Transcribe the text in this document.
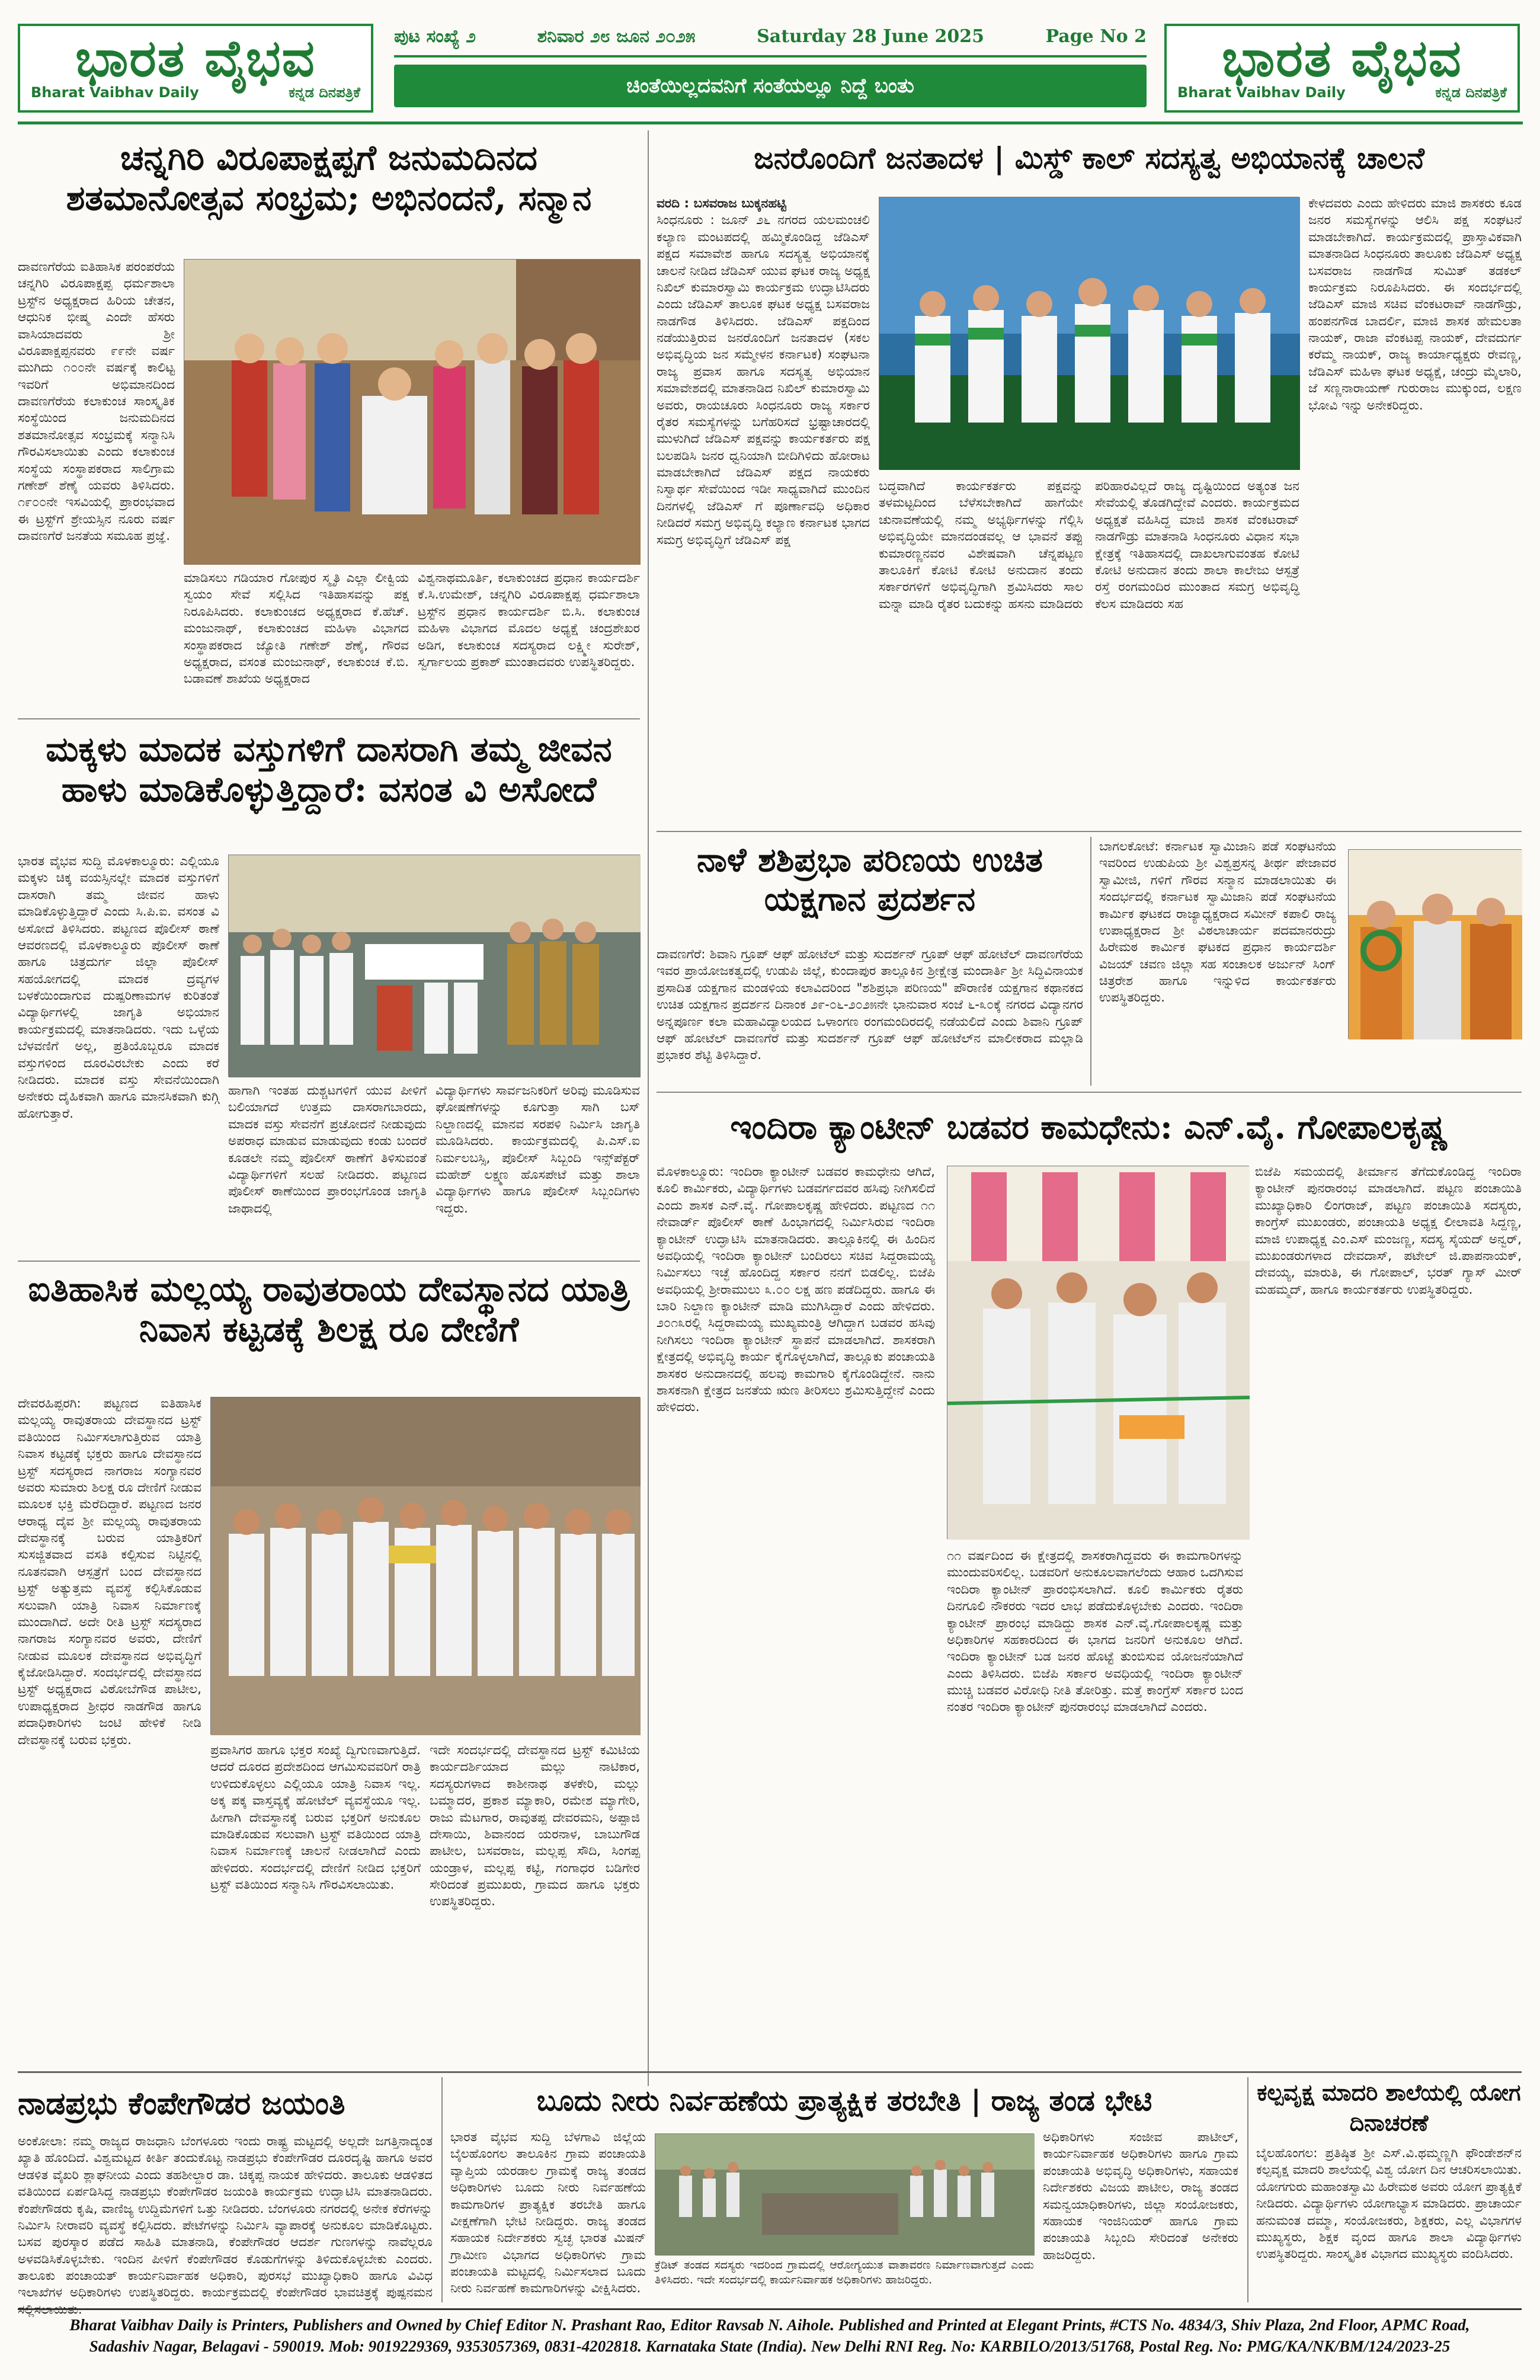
ಭಾರತ ವೈಭವ
Bharat Vaibhav Daily	ಕನ್ನಡ ದಿನಪತ್ರಿಕೆ
ಪುಟ ಸಂಖ್ಯೆ ೨	ಶನಿವಾರ ೨೮ ಜೂನ ೨೦೨೫	Saturday 28 June 2025	Page No 2
ಚಿಂತೆಯಿಲ್ಲದವನಿಗೆ ಸಂತೆಯಲ್ಲೂ ನಿದ್ದೆ ಬಂತು	ಭಾರತ ವೈಭವ
Bharat Vaibhav Daily	ಕನ್ನಡ ದಿನಪತ್ರಿಕೆ
ಚನ್ನಗಿರಿ ವಿರೂಪಾಕ್ಷಪ್ಪಗೆ ಜನುಮದಿನದ ಶತಮಾನೋತ್ಸವ ಸಂಭ್ರಮ; ಅಭಿನಂದನೆ, ಸನ್ಮಾನ
ದಾವಣಗೆರೆಯ ಐತಿಹಾಸಿಕ ಪರಂಪರೆಯ ಚನ್ನಗಿರಿ ವಿರೂಪಾಕ್ಷಪ್ಪ ಧರ್ಮಶಾಲಾ ಟ್ರಸ್ಟ್‌ನ ಅಧ್ಯಕ್ಷರಾದ ಹಿರಿಯ ಚೇತನ, ಆಧುನಿಕ ಭೀಷ್ಮ ಎಂದೇ ಹೆಸರು ವಾಸಿಯಾದವರು ಶ್ರೀ ವಿರೂಪಾಕ್ಷಪ್ಪನವರು ೯೯ನೇ ವರ್ಷ ಮುಗಿದು ೧೦೦ನೇ ವರ್ಷಕ್ಕೆ ಕಾಲಿಟ್ಟ ಇವರಿಗೆ ಅಭಿಮಾನದಿಂದ ದಾವಣಗೆರೆಯ ಕಲಾಕುಂಚ ಸಾಂಸ್ಕೃತಿಕ ಸಂಸ್ಥೆಯಿಂದ ಜನುಮದಿನದ ಶತಮಾನೋತ್ಸವ ಸಂಭ್ರಮಕ್ಕೆ ಸನ್ಮಾನಿಸಿ ಗೌರವಿಸಲಾಯಿತು ಎಂದು ಕಲಾಕುಂಚ ಸಂಸ್ಥೆಯ ಸಂಸ್ಥಾಪಕರಾದ ಸಾಲಿಗ್ರಾಮ ಗಣೇಶ್ ಶೆಣೈ ಯವರು ತಿಳಿಸಿದರು. ೧೯೦೦ನೇ ಇಸವಿಯಲ್ಲಿ ಪ್ರಾರಂಭವಾದ ಈ ಟ್ರಸ್ಟ್‌ಗೆ ಶ್ರೇಯಸ್ಸಿನ ನೂರು ವರ್ಷ ದಾವಣಗೆರೆ ಜನತೆಯ ಸಮೂಹ ಪ್ರಜ್ಞೆ.
ಮಾಡಿಸಲು ಗಡಿಯಾರ ಗೋಪುರ ಸ್ಮೃತಿ ಎಲ್ಲಾ ಲೀಕ್ವಿಯ ಸ್ವಯಂ ಸೇವೆ ಸಲ್ಲಿಸಿದ ಇತಿಹಾಸವನ್ನು ಪಕ್ಷ ನಿರೂಪಿಸಿದರು. ಕಲಾಕುಂಚದ ಅಧ್ಯಕ್ಷರಾದ ಕೆ.ಹೆಚ್. ಮಂಜುನಾಥ್, ಕಲಾಕುಂಚದ ಮಹಿಳಾ ವಿಭಾಗದ ಸಂಸ್ಥಾಪಕರಾದ ಜ್ಯೋತಿ ಗಣೇಶ್ ಶೆಣೈ, ಗೌರವ ಅಧ್ಯಕ್ಷರಾದ, ವಸಂತ ಮಂಜುನಾಥ್, ಕಲಾಕುಂಚ ಕೆ.ಬಿ. ಬಡಾವಣೆ ಶಾಖೆಯ ಅಧ್ಯಕ್ಷರಾದ
ವಿಶ್ವನಾಥಮೂರ್ತಿ, ಕಲಾಕುಂಚದ ಪ್ರಧಾನ ಕಾರ್ಯದರ್ಶಿ ಕೆ.ಸಿ.ಉಮೇಶ್, ಚನ್ನಗಿರಿ ವಿರೂಪಾಕ್ಷಪ್ಪ ಧರ್ಮಶಾಲಾ ಟ್ರಸ್ಟ್‌ನ ಪ್ರಧಾನ ಕಾರ್ಯದರ್ಶಿ ಬಿ.ಸಿ. ಕಲಾಕುಂಚ ಮಹಿಳಾ ವಿಭಾಗದ ಮೊದಲ ಅಧ್ಯಕ್ಷೆ ಚಂದ್ರಶೇಖರ ಅಡಿಗ, ಕಲಾಕುಂಚ ಸದಸ್ಯರಾದ ಲಕ್ಷ್ಮೀ ಸುರೇಶ್, ಸ್ವರ್ಗಾಲಯ ಪ್ರಕಾಶ್ ಮುಂತಾದವರು ಉಪಸ್ಥಿತರಿದ್ದರು.
ಜನರೊಂದಿಗೆ ಜನತಾದಳ | ಮಿಸ್ಡ್ ಕಾಲ್ ಸದಸ್ಯತ್ವ ಅಭಿಯಾನಕ್ಕೆ ಚಾಲನೆ
ವರದಿ : ಬಸವರಾಜ ಬುಕ್ಕನಹಟ್ಟಿ
ಸಿಂಧನೂರು : ಜೂನ್ ೨೬ ನಗರದ ಯಲಮಂಚಲಿ ಕಲ್ಯಾಣ ಮಂಟಪದಲ್ಲಿ ಹಮ್ಮಿಕೊಂಡಿದ್ದ ಜೆಡಿಎಸ್ ಪಕ್ಷದ ಸಮಾವೇಶ ಹಾಗೂ ಸದಸ್ಯತ್ವ ಅಭಿಯಾನಕ್ಕೆ ಚಾಲನೆ ನೀಡಿದ ಜೆಡಿಎಸ್ ಯುವ ಘಟಕ ರಾಜ್ಯ ಅಧ್ಯಕ್ಷ ನಿಖಿಲ್ ಕುಮಾರಸ್ವಾಮಿ ಕಾರ್ಯಕ್ರಮ ಉದ್ಘಾಟಿಸಿದರು ಎಂದು ಜೆಡಿಎಸ್ ತಾಲೂಕ ಘಟಕ ಅಧ್ಯಕ್ಷ ಬಸವರಾಜ ನಾಡಗೌಡ ತಿಳಿಸಿದರು. ಜೆಡಿಎಸ್ ಪಕ್ಷದಿಂದ ನಡೆಯುತ್ತಿರುವ ಜನರೊಂದಿಗೆ ಜನತಾದಳ (ಸಕಲ ಅಭಿವೃದ್ಧಿಯ ಜನ ಸಮ್ಮೇಳನ ಕರ್ನಾಟಕ) ಸಂಘಟನಾ ರಾಜ್ಯ ಪ್ರವಾಸ ಹಾಗೂ ಸದಸ್ಯತ್ವ ಅಭಿಯಾನ ಸಮಾವೇಶದಲ್ಲಿ ಮಾತನಾಡಿದ ನಿಖಿಲ್ ಕುಮಾರಸ್ವಾಮಿ ಅವರು, ರಾಯಚೂರು ಸಿಂಧನೂರು ರಾಜ್ಯ ಸರ್ಕಾರ ರೈತರ ಸಮಸ್ಯೆಗಳನ್ನು ಬಗೆಹರಿಸದೆ ಭ್ರಷ್ಟಾಚಾರದಲ್ಲಿ ಮುಳುಗಿದೆ ಜೆಡಿಎಸ್ ಪಕ್ಷವನ್ನು ಕಾರ್ಯಕರ್ತರು ಪಕ್ಷ ಬಲಪಡಿಸಿ ಜನರ ಧ್ವನಿಯಾಗಿ ಬೀದಿಗಿಳಿದು ಹೋರಾಟ ಮಾಡಬೇಕಾಗಿದೆ ಜೆಡಿಎಸ್ ಪಕ್ಷದ ನಾಯಕರು ನಿಸ್ವಾರ್ಥ ಸೇವೆಯಿಂದ ಇಡೀ ಸಾಧ್ಯವಾಗಿದೆ ಮುಂದಿನ ದಿನಗಳಲ್ಲಿ ಜೆಡಿಎಸ್ ಗೆ ಪೂರ್ಣಾವಧಿ ಅಧಿಕಾರ ನೀಡಿದರೆ ಸಮಗ್ರ ಅಭಿವೃದ್ಧಿ ಕಲ್ಯಾಣ ಕರ್ನಾಟಕ ಭಾಗದ ಸಮಗ್ರ ಅಭಿವೃದ್ಧಿಗೆ ಜೆಡಿಎಸ್ ಪಕ್ಷ
ಬದ್ಧವಾಗಿದೆ ಕಾರ್ಯಕರ್ತರು ಪಕ್ಷವನ್ನು ತಳಮಟ್ಟದಿಂದ ಬೆಳೆಸಬೇಕಾಗಿದೆ ಹಾಗೆಯೇ ಚುನಾವಣೆಯಲ್ಲಿ ನಮ್ಮ ಅಭ್ಯರ್ಥಿಗಳನ್ನು ಗೆಲ್ಲಿಸಿ ಅಭಿವೃದ್ಧಿಯೇ ಮಾನದಂಡವಲ್ಲ ಆ ಭಾವನೆ ತಪ್ಪು ಕುಮಾರಣ್ಣನವರ ವಿಶೇಷವಾಗಿ ಚೆನ್ನಪಟ್ಟಣ ತಾಲೂಕಿಗೆ ಕೋಟಿ ಕೋಟಿ ಅನುದಾನ ತಂದು ಸರ್ಕಾರಗಳಿಗೆ ಅಭಿವೃದ್ಧಿಗಾಗಿ ಶ್ರಮಿಸಿದರು ಸಾಲ ಮನ್ನಾ ಮಾಡಿ ರೈತರ ಬದುಕನ್ನು ಹಸನು ಮಾಡಿದರು ಪರಿಹಾರವಿಲ್ಲದೆ ರಾಜ್ಯ ದೃಷ್ಟಿಯಿಂದ ಅತ್ಯಂತ ಜನ ಸೇವೆಯಲ್ಲಿ ತೊಡಗಿದ್ದೇವೆ ಎಂದರು. ಕಾರ್ಯಕ್ರಮದ ಅಧ್ಯಕ್ಷತೆ ವಹಿಸಿದ್ದ ಮಾಜಿ ಶಾಸಕ ವೆಂಕಟರಾವ್ ನಾಡಗೌಡ್ರು ಮಾತನಾಡಿ ಸಿಂಧನೂರು ವಿಧಾನ ಸಭಾ ಕ್ಷೇತ್ರಕ್ಕೆ ಇತಿಹಾಸದಲ್ಲಿ ದಾಖಲಾಗುವಂತಹ ಕೋಟಿ ಕೋಟಿ ಅನುದಾನ ತಂದು ಶಾಲಾ ಕಾಲೇಜು ಆಸ್ಪತ್ರೆ ರಸ್ತೆ ರಂಗಮಂದಿರ ಮುಂತಾದ ಸಮಗ್ರ ಅಭಿವೃದ್ಧಿ ಕೆಲಸ ಮಾಡಿದರು ಸಹ
ಕೇಳದವರು ಎಂದು ಹೇಳಿದರು ಮಾಜಿ ಶಾಸಕರು ಕೂಡ ಜನರ ಸಮಸ್ಯೆಗಳನ್ನು ಆಲಿಸಿ ಪಕ್ಷ ಸಂಘಟನೆ ಮಾಡಬೇಕಾಗಿದೆ. ಕಾರ್ಯಕ್ರಮದಲ್ಲಿ ಪ್ರಾಸ್ತಾವಿಕವಾಗಿ ಮಾತನಾಡಿದ ಸಿಂಧನೂರು ತಾಲೂಕು ಜೆಡಿಎಸ್ ಅಧ್ಯಕ್ಷ ಬಸವರಾಜ ನಾಡಗೌಡ ಸುಮಿತ್ ತಡಕಲ್ ಕಾರ್ಯಕ್ರಮ ನಿರೂಪಿಸಿದರು. ಈ ಸಂದರ್ಭದಲ್ಲಿ ಜೆಡಿಎಸ್ ಮಾಜಿ ಸಚಿವ ವೆಂಕಟರಾವ್ ನಾಡಗೌಡ್ರು, ಹಂಪನಗೌಡ ಬಾದರ್ಲಿ, ಮಾಜಿ ಶಾಸಕ ಹೇಮಲತಾ ನಾಯಕ್, ರಾಜಾ ವೆಂಕಟಪ್ಪ ನಾಯಕ್, ದೇವದುರ್ಗ ಕರೆಮ್ಮ ನಾಯಕ್, ರಾಜ್ಯ ಕಾರ್ಯಾಧ್ಯಕ್ಷರು ರೇವಣ್ಣ, ಜೆಡಿಎಸ್ ಮಹಿಳಾ ಘಟಕ ಅಧ್ಯಕ್ಷೆ, ಚಂದ್ರು ಮೈಲಾರಿ, ಜೆ ಸಣ್ಣನಾರಾಯಣ್ ಗುರುರಾಜ ಮುಕ್ಕುಂದ, ಲಕ್ಷಣ ಭೋವಿ ಇನ್ನು ಅನೇಕರಿದ್ದರು.
ಮಕ್ಕಳು ಮಾದಕ ವಸ್ತುಗಳಿಗೆ ದಾಸರಾಗಿ ತಮ್ಮ ಜೀವನ ಹಾಳು ಮಾಡಿಕೊಳ್ಳುತ್ತಿದ್ದಾರೆ: ವಸಂತ ವಿ ಅಸೋದೆ
ಭಾರತ ವೈಭವ ಸುದ್ದಿ ಮೊಳಕಾಲ್ಮೂರು: ಎಲ್ಲಿಯೂ ಮಕ್ಕಳು ಚಿಕ್ಕ ವಯಸ್ಸಿನಲ್ಲೇ ಮಾದಕ ವಸ್ತುಗಳಿಗೆ ದಾಸರಾಗಿ ತಮ್ಮ ಜೀವನ ಹಾಳು ಮಾಡಿಕೊಳ್ಳುತ್ತಿದ್ದಾರೆ ಎಂದು ಸಿ.ಪಿ.ಐ. ವಸಂತ ವಿ ಅಸೋದೆ ತಿಳಿಸಿದರು. ಪಟ್ಟಣದ ಪೊಲೀಸ್ ಠಾಣೆ ಆವರಣದಲ್ಲಿ ಮೊಳಕಾಲ್ಮೂರು ಪೊಲೀಸ್ ಠಾಣೆ ಹಾಗೂ ಚಿತ್ರದುರ್ಗ ಜಿಲ್ಲಾ ಪೊಲೀಸ್ ಸಹಯೋಗದಲ್ಲಿ ಮಾದಕ ದ್ರವ್ಯಗಳ ಬಳಕೆಯಿಂದಾಗುವ ದುಷ್ಪರಿಣಾಮಗಳ ಕುರಿತಂತೆ ವಿದ್ಯಾರ್ಥಿಗಳಲ್ಲಿ ಜಾಗೃತಿ ಅಭಿಯಾನ ಕಾರ್ಯಕ್ರಮದಲ್ಲಿ ಮಾತನಾಡಿದರು. ಇದು ಒಳ್ಳೆಯ ಬೆಳವಣಿಗೆ ಅಲ್ಲ, ಪ್ರತಿಯೊಬ್ಬರೂ ಮಾದಕ ವಸ್ತುಗಳಿಂದ ದೂರವಿರಬೇಕು ಎಂದು ಕರೆ ನೀಡಿದರು. ಮಾದಕ ವಸ್ತು ಸೇವನೆಯಿಂದಾಗಿ ಅನೇಕರು ದೈಹಿಕವಾಗಿ ಹಾಗೂ ಮಾನಸಿಕವಾಗಿ ಕುಗ್ಗಿ ಹೋಗುತ್ತಾರೆ.
ಹಾಗಾಗಿ ಇಂತಹ ದುಶ್ಚಟಗಳಿಗೆ ಯುವ ಪೀಳಿಗೆ ಬಲಿಯಾಗದೆ ಉತ್ತಮ ದಾಸರಾಗಬಾರದು, ಮಾದಕ ವಸ್ತು ಸೇವನೆಗೆ ಪ್ರಚೋದನೆ ನೀಡುವುದು ಅಪರಾಧ ಮಾಡುವ ಮಾಡುವುದು ಕಂಡು ಬಂದರೆ ಕೂಡಲೇ ನಮ್ಮ ಪೊಲೀಸ್ ಠಾಣೆಗೆ ತಿಳಿಸುವಂತೆ ವಿದ್ಯಾರ್ಥಿಗಳಿಗೆ ಸಲಹೆ ನೀಡಿದರು. ಪಟ್ಟಣದ ಪೊಲೀಸ್ ಠಾಣೆಯಿಂದ ಪ್ರಾರಂಭಗೊಂಡ ಜಾಗೃತಿ ಜಾಥಾದಲ್ಲಿ
ವಿದ್ಯಾರ್ಥಿಗಳು ಸಾರ್ವಜನಿಕರಿಗೆ ಅರಿವು ಮೂಡಿಸುವ ಘೋಷಣೆಗಳನ್ನು ಕೂಗುತ್ತಾ ಸಾಗಿ ಬಸ್ ನಿಲ್ದಾಣದಲ್ಲಿ ಮಾನವ ಸರಪಳಿ ನಿರ್ಮಿಸಿ ಜಾಗೃತಿ ಮೂಡಿಸಿದರು. ಕಾರ್ಯಕ್ರಮದಲ್ಲಿ ಪಿ.ಎಸ್.ಐ ನಿರ್ಮಲಬಸ್ಸಿ, ಪೊಲೀಸ್ ಸಿಬ್ಬಂದಿ ಇನ್ಸ್‌ಪೆಕ್ಟರ್ ಮಹೇಶ್ ಲಕ್ಷ್ಮಣ ಹೊಸಪೇಟೆ ಮತ್ತು ಶಾಲಾ ವಿದ್ಯಾರ್ಥಿಗಳು ಹಾಗೂ ಪೊಲೀಸ್ ಸಿಬ್ಬಂದಿಗಳು ಇದ್ದರು.
ನಾಳೆ ಶಶಿಪ್ರಭಾ ಪರಿಣಯ ಉಚಿತ ಯಕ್ಷಗಾನ ಪ್ರದರ್ಶನ
ದಾವಣಗೆರೆ: ಶಿವಾನಿ ಗ್ರೂಪ್ ಆಫ್ ಹೋಟೆಲ್ ಮತ್ತು ಸುದರ್ಶನ್ ಗ್ರೂಪ್ ಆಫ್ ಹೋಟೆಲ್ ದಾವಣಗೆರೆಯ ಇವರ ಪ್ರಾಯೋಜಕತ್ವದಲ್ಲಿ ಉಡುಪಿ ಜಿಲ್ಲೆ, ಕುಂದಾಪುರ ತಾಲ್ಲೂಕಿನ ಶ್ರೀಕ್ಷೇತ್ರ ಮಂದಾರ್ತಿ ಶ್ರೀ ಸಿದ್ದಿವಿನಾಯಕ ಪ್ರಸಾದಿತ ಯಕ್ಷಗಾನ ಮಂಡಳಿಯ ಕಲಾವಿದರಿಂದ "ಶಶಿಪ್ರಭಾ ಪರಿಣಯ" ಪೌರಾಣಿಕ ಯಕ್ಷಗಾನ ಕಥಾನಕದ ಉಚಿತ ಯಕ್ಷಗಾನ ಪ್ರದರ್ಶನ ದಿನಾಂಕ ೨೯-೦೬-೨೦೨೫ನೇ ಭಾನುವಾರ ಸಂಜೆ ೬-೩೦ಕ್ಕೆ ನಗರದ ವಿದ್ಯಾನಗರ ಅನ್ನಪೂರ್ಣ ಕಲಾ ಮಹಾವಿದ್ಯಾಲಯದ ಒಳಾಂಗಣ ರಂಗಮಂದಿರದಲ್ಲಿ ನಡೆಯಲಿದೆ ಎಂದು ಶಿವಾನಿ ಗ್ರೂಪ್ ಆಫ್ ಹೋಟೆಲ್ ದಾವಣಗೆರೆ ಮತ್ತು ಸುದರ್ಶನ್ ಗ್ರೂಪ್ ಆಫ್ ಹೋಟೆಲ್‌ನ ಮಾಲೀಕರಾದ ಮಲ್ಲಾಡಿ ಪ್ರಭಾಕರ ಶೆಟ್ಟಿ ತಿಳಿಸಿದ್ದಾರೆ.
ಬಾಗಲಕೋಟೆ: ಕರ್ನಾಟಕ ಸ್ವಾಮಿಜಾನಿ ಪಡೆ ಸಂಘಟನೆಯ ಇವರಿಂದ ಉಡುಪಿಯ ಶ್ರೀ ವಿಶ್ವಪ್ರಸನ್ನ ತೀರ್ಥ ಪೇಜಾವರ ಸ್ವಾಮೀಜಿ, ಗಳಿಗೆ ಗೌರವ ಸನ್ಮಾನ ಮಾಡಲಾಯಿತು ಈ ಸಂದರ್ಭದಲ್ಲಿ ಕರ್ನಾಟಕ ಸ್ವಾಮಿಜಾನಿ ಪಡೆ ಸಂಘಟನೆಯ ಕಾರ್ಮಿಕ ಘಟಕದ ರಾಜ್ಯಾಧ್ಯಕ್ಷರಾದ ಸಮೀನ್ ಕಪಾಲಿ ರಾಜ್ಯ ಉಪಾಧ್ಯಕ್ಷರಾದ ಶ್ರೀ ವಿಠಲಾಚಾರ್ಯ ಪದಮಾನರುದ್ರು ಹಿರೇಮಠ ಕಾರ್ಮಿಕ ಘಟಕದ ಪ್ರಧಾನ ಕಾರ್ಯದರ್ಶಿ ವಿಜಯ್ ಚವಣ ಜಿಲ್ಲಾ ಸಹ ಸಂಚಾಲಕ ಅರ್ಜುನ್ ಸಿಂಗ್ ಚಿತ್ರರೇಶ ಹಾಗೂ ಇನ್ನುಳಿದ ಕಾರ್ಯಕರ್ತರು ಉಪಸ್ಥಿತರಿದ್ದರು.
ಐತಿಹಾಸಿಕ ಮಲ್ಲಯ್ಯ ರಾವುತರಾಯ ದೇವಸ್ಥಾನದ ಯಾತ್ರಿ ನಿವಾಸ ಕಟ್ಟಡಕ್ಕೆ ಶಿಲಕ್ಷ ರೂ ದೇಣಿಗೆ
ದೇವರಹಿಪ್ಪರಗಿ: ಪಟ್ಟಣದ ಐತಿಹಾಸಿಕ ಮಲ್ಲಯ್ಯ ರಾವುತರಾಯ ದೇವಸ್ಥಾನದ ಟ್ರಸ್ಟ್ ವತಿಯಿಂದ ನಿರ್ಮಿಸಲಾಗುತ್ತಿರುವ ಯಾತ್ರಿ ನಿವಾಸ ಕಟ್ಟಡಕ್ಕೆ ಭಕ್ತರು ಹಾಗೂ ದೇವಸ್ಥಾನದ ಟ್ರಸ್ಟ್ ಸದಸ್ಯರಾದ ನಾಗರಾಜ ಸಂಗ್ಯಾನವರ ಅವರು ಸುಮಾರು ಶಿಲಕ್ಷ ರೂ ದೇಣಿಗೆ ನೀಡುವ ಮೂಲಕ ಭಕ್ತಿ ಮೆರೆದಿದ್ದಾರೆ. ಪಟ್ಟಣದ ಜನರ ಆರಾಧ್ಯ ದೈವ ಶ್ರೀ ಮಲ್ಲಯ್ಯ ರಾವುತರಾಯ ದೇವಸ್ಥಾನಕ್ಕೆ ಬರುವ ಯಾತ್ರಿಕರಿಗೆ ಸುಸಜ್ಜಿತವಾದ ವಸತಿ ಕಲ್ಪಿಸುವ ನಿಟ್ಟಿನಲ್ಲಿ ನೂತನವಾಗಿ ಆಸ್ಪತ್ರೆಗೆ ಬಂದ ದೇವಸ್ಥಾನದ ಟ್ರಸ್ಟ್ ಅತ್ಯುತ್ತಮ ವ್ಯವಸ್ಥೆ ಕಲ್ಪಿಸಿಕೊಡುವ ಸಲುವಾಗಿ ಯಾತ್ರಿ ನಿವಾಸ ನಿರ್ಮಾಣಕ್ಕೆ ಮುಂದಾಗಿದೆ. ಅದೇ ರೀತಿ ಟ್ರಸ್ಟ್ ಸದಸ್ಯರಾದ ನಾಗರಾಜ ಸಂಗ್ಯಾನವರ ಅವರು, ದೇಣಿಗೆ ನೀಡುವ ಮೂಲಕ ದೇವಸ್ಥಾನದ ಅಭಿವೃದ್ಧಿಗೆ ಕೈಜೋಡಿಸಿದ್ದಾರೆ. ಸಂದರ್ಭದಲ್ಲಿ ದೇವಸ್ಥಾನದ ಟ್ರಸ್ಟ್ ಅಧ್ಯಕ್ಷರಾದ ವಿಠೋಬೆಗೌಡ ಪಾಟೀಲ, ಉಪಾಧ್ಯಕ್ಷರಾದ ಶ್ರೀಧರ ನಾಡಗೌಡ ಹಾಗೂ ಪದಾಧಿಕಾರಿಗಳು ಜಂಟಿ ಹೇಳಿಕೆ ನೀಡಿ ದೇವಸ್ಥಾನಕ್ಕೆ ಬರುವ ಭಕ್ತರು.
ಪ್ರವಾಸಿಗರ ಹಾಗೂ ಭಕ್ತರ ಸಂಖ್ಯೆ ದ್ವಿಗುಣವಾಗುತ್ತಿದೆ. ಆದರೆ ದೂರದ ಪ್ರದೇಶದಿಂದ ಆಗಮಿಸುವವರಿಗೆ ರಾತ್ರಿ ಉಳಿದುಕೊಳ್ಳಲು ಎಲ್ಲಿಯೂ ಯಾತ್ರಿ ನಿವಾಸ ಇಲ್ಲ. ಅಕ್ಕ ಪಕ್ಕ ವಾಸ್ತವ್ಯಕ್ಕೆ ಹೋಟೆಲ್ ವ್ಯವಸ್ಥೆಯೂ ಇಲ್ಲ. ಹೀಗಾಗಿ ದೇವಸ್ಥಾನಕ್ಕೆ ಬರುವ ಭಕ್ತರಿಗೆ ಅನುಕೂಲ ಮಾಡಿಕೊಡುವ ಸಲುವಾಗಿ ಟ್ರಸ್ಟ್ ವತಿಯಿಂದ ಯಾತ್ರಿ ನಿವಾಸ ನಿರ್ಮಾಣಕ್ಕೆ ಚಾಲನೆ ನೀಡಲಾಗಿದೆ ಎಂದು ಹೇಳಿದರು. ಸಂದರ್ಭದಲ್ಲಿ ದೇಣಿಗೆ ನೀಡಿದ ಭಕ್ತರಿಗೆ ಟ್ರಸ್ಟ್ ವತಿಯಿಂದ ಸನ್ಮಾನಿಸಿ ಗೌರವಿಸಲಾಯಿತು.
ಇದೇ ಸಂದರ್ಭದಲ್ಲಿ ದೇವಸ್ಥಾನದ ಟ್ರಸ್ಟ್ ಕಮಿಟಿಯ ಕಾರ್ಯದರ್ಶಿಯಾದ ಮಲ್ಲು ನಾಟಿಕಾರ, ಸದಸ್ಯರುಗಳಾದ ಕಾಶೀನಾಥ ತಳಕೇರಿ, ಮಲ್ಲು ಬಮ್ಮಾದರ, ಪ್ರಕಾಶ ಮ್ಯಾಕಾರಿ, ರಮೇಶ ಮ್ಯಾಗೇರಿ, ರಾಜು ಮೆಟಗಾರ, ರಾವುತಪ್ಪ ದೇವರಮನಿ, ಅಪ್ಪಾಜಿ ದೇಸಾಯಿ, ಶಿವಾನಂದ ಯರನಾಳ, ಬಾಬುಗೌಡ ಪಾಟೀಲ, ಬಸವರಾಜ, ಮಲ್ಲಪ್ಪ ಸೌದಿ, ಸಿಂಗಪ್ಪ ಯಂಡ್ರಾಳ, ಮಲ್ಲಪ್ಪ ಕಟ್ಟಿ, ಗಂಗಾಧರ ಬಡಿಗೇರ ಸೇರಿದಂತೆ ಪ್ರಮುಖರು, ಗ್ರಾಮದ ಹಾಗೂ ಭಕ್ತರು ಉಪಸ್ಥಿತರಿದ್ದರು.
ಇಂದಿರಾ ಕ್ಯಾಂಟೀನ್ ಬಡವರ ಕಾಮಧೇನು: ಎನ್.ವೈ. ಗೋಪಾಲಕೃಷ್ಣ
ಮೊಳಕಾಲ್ಮೂರು: ಇಂದಿರಾ ಕ್ಯಾಂಟೀನ್ ಬಡವರ ಕಾಮಧೇನು ಆಗಿದೆ, ಕೂಲಿ ಕಾರ್ಮಿಕರು, ವಿದ್ಯಾರ್ಥಿಗಳು ಬಡವರ್ಗದವರ ಹಸಿವು ನೀಗಿಸಲಿದೆ ಎಂದು ಶಾಸಕ ಎನ್.ವೈ. ಗೋಪಾಲಕೃಷ್ಣ ಹೇಳಿದರು. ಪಟ್ಟಣದ ೧೧ ನೇವಾರ್ಡ್ ಪೊಲೀಸ್ ಠಾಣೆ ಹಿಂಭಾಗದಲ್ಲಿ ನಿರ್ಮಿಸಿರುವ ಇಂದಿರಾ ಕ್ಯಾಂಟೀನ್ ಉದ್ಘಾಟಿಸಿ ಮಾತನಾಡಿದರು. ತಾಲ್ಲೂಕಿನಲ್ಲಿ ಈ ಹಿಂದಿನ ಅವಧಿಯಲ್ಲಿ ಇಂದಿರಾ ಕ್ಯಾಂಟೀನ್ ಬಂದಿರಲು ಸಚಿವ ಸಿದ್ದರಾಮಯ್ಯ ನಿರ್ಮಿಸಲು ಇಚ್ಛೆ ಹೊಂದಿದ್ದ ಸರ್ಕಾರ ನನಗೆ ಬಿಡಲಿಲ್ಲ. ಬಿಜೆಪಿ ಅವಧಿಯಲ್ಲಿ ಶ್ರೀರಾಮುಲು ೩.೦೦ ಲಕ್ಷ ಹಣ ಪಡೆದಿದ್ದರು. ಹಾಗೂ ಈ ಬಾರಿ ನಿಲ್ದಾಣ ಕ್ಯಾಂಟೀನ್ ಮಾಡಿ ಮುಗಿಸಿದ್ದಾರೆ ಎಂದು ಹೇಳಿದರು. ೨೦೧೩ರಲ್ಲಿ ಸಿದ್ದರಾಮಯ್ಯ ಮುಖ್ಯಮಂತ್ರಿ ಆಗಿದ್ದಾಗ ಬಡವರ ಹಸಿವು ನೀಗಿಸಲು ಇಂದಿರಾ ಕ್ಯಾಂಟೀನ್ ಸ್ಥಾಪನೆ ಮಾಡಲಾಗಿದೆ. ಶಾಸಕರಾಗಿ ಕ್ಷೇತ್ರದಲ್ಲಿ ಅಭಿವೃದ್ಧಿ ಕಾರ್ಯ ಕೈಗೊಳ್ಳಲಾಗಿದೆ, ತಾಲ್ಲೂಕು ಪಂಚಾಯತಿ ಶಾಸಕರ ಅನುದಾನದಲ್ಲಿ ಹಲವು ಕಾಮಗಾರಿ ಕೈಗೊಂಡಿದ್ದೇನೆ. ನಾನು ಶಾಸಕನಾಗಿ ಕ್ಷೇತ್ರದ ಜನತೆಯ ಋಣ ತೀರಿಸಲು ಶ್ರಮಿಸುತ್ತಿದ್ದೇನೆ ಎಂದು ಹೇಳಿದರು.
೧೧ ವರ್ಷದಿಂದ ಈ ಕ್ಷೇತ್ರದಲ್ಲಿ ಶಾಸಕರಾಗಿದ್ದವರು ಈ ಕಾಮಗಾರಿಗಳನ್ನು ಮುಂದುವರಿಸಲಿಲ್ಲ. ಬಡವರಿಗೆ ಅನುಕೂಲವಾಗಲೆಂದು ಆಹಾರ ಒದಗಿಸುವ ಇಂದಿರಾ ಕ್ಯಾಂಟೀನ್ ಪ್ರಾರಂಭಿಸಲಾಗಿದೆ. ಕೂಲಿ ಕಾರ್ಮಿಕರು ರೈತರು ದಿನಗೂಲಿ ನೌಕರರು ಇದರ ಲಾಭ ಪಡೆದುಕೊಳ್ಳಬೇಕು ಎಂದರು. ಇಂದಿರಾ ಕ್ಯಾಂಟೀನ್ ಪ್ರಾರಂಭ ಮಾಡಿದ್ದು ಶಾಸಕ ಎನ್.ವೈ.ಗೋಪಾಲಕೃಷ್ಣ ಮತ್ತು ಅಧಿಕಾರಿಗಳ ಸಹಕಾರದಿಂದ ಈ ಭಾಗದ ಜನರಿಗೆ ಅನುಕೂಲ ಆಗಿದೆ. ಇಂದಿರಾ ಕ್ಯಾಂಟೀನ್ ಬಡ ಜನರ ಹೊಟ್ಟೆ ತುಂಬಿಸುವ ಯೋಜನೆಯಾಗಿದೆ ಎಂದು ತಿಳಿಸಿದರು. ಬಿಜೆಪಿ ಸರ್ಕಾರ ಅವಧಿಯಲ್ಲಿ ಇಂದಿರಾ ಕ್ಯಾಂಟೀನ್ ಮುಚ್ಚಿ ಬಡವರ ವಿರೋಧಿ ನೀತಿ ತೋರಿತ್ತು. ಮತ್ತೆ ಕಾಂಗ್ರೆಸ್ ಸರ್ಕಾರ ಬಂದ ನಂತರ ಇಂದಿರಾ ಕ್ಯಾಂಟೀನ್ ಪುನರಾರಂಭ ಮಾಡಲಾಗಿದೆ ಎಂದರು.
ಬಿಜೆಪಿ ಸಮಯದಲ್ಲಿ ತೀರ್ಮಾನ ತೆಗೆದುಕೊಂಡಿದ್ದ ಇಂದಿರಾ ಕ್ಯಾಂಟೀನ್ ಪುನರಾರಂಭ ಮಾಡಲಾಗಿದೆ. ಪಟ್ಟಣ ಪಂಚಾಯಿತಿ ಮುಖ್ಯಾಧಿಕಾರಿ ಲಿಂಗರಾಜ್, ಪಟ್ಟಣ ಪಂಚಾಯಿತಿ ಸದಸ್ಯರು, ಕಾಂಗ್ರೆಸ್ ಮುಖಂಡರು, ಪಂಚಾಯತಿ ಅಧ್ಯಕ್ಷ ಲೀಲಾವತಿ ಸಿದ್ದಣ್ಣ, ಮಾಜಿ ಉಪಾಧ್ಯಕ್ಷ ಎಂ.ಎಸ್ ಮಂಜಣ್ಣ, ಸದಸ್ಯ ಸೈಯದ್ ಅನ್ವರ್, ಮುಖಂಡರುಗಳಾದ ದೇವದಾಸ್, ಪಟೇಲ್ ಜಿ.ಪಾಪನಾಯಕ್, ದೇವಯ್ಯ, ಮಾರುತಿ, ಈ ಗೋಪಾಲ್, ಭರತ್ ಗ್ಯಾಸ್ ಮೀರ್ ಮಹಮ್ಮದ್, ಹಾಗೂ ಕಾರ್ಯಕರ್ತರು ಉಪಸ್ಥಿತರಿದ್ದರು.
ನಾಡಪ್ರಭು ಕೆಂಪೇಗೌಡರ ಜಯಂತಿ
ಅಂಕೋಲಾ: ನಮ್ಮ ರಾಜ್ಯದ ರಾಜಧಾನಿ ಬೆಂಗಳೂರು ಇಂದು ರಾಷ್ಟ್ರ ಮಟ್ಟದಲ್ಲಿ ಅಲ್ಲದೇ ಜಗತ್ತಿನಾದ್ಯಂತ ಖ್ಯಾತಿ ಹೊಂದಿದೆ. ವಿಶ್ವಮಟ್ಟದ ಕೀರ್ತಿ ತಂದುಕೊಟ್ಟ ನಾಡಪ್ರಭು ಕೆಂಪೇಗೌಡರ ದೂರದೃಷ್ಟಿ ಹಾಗೂ ಅವರ ಆಡಳಿತ ವೈಖರಿ ಶ್ಲಾಘನೀಯ ಎಂದು ತಹಶೀಲ್ದಾರ ಡಾ. ಚಿಕ್ಕಪ್ಪ ನಾಯಕ ಹೇಳಿದರು. ತಾಲೂಕು ಆಡಳಿತದ ವತಿಯಿಂದ ಏರ್ಪಡಿಸಿದ್ದ ನಾಡಪ್ರಭು ಕೆಂಪೇಗೌಡರ ಜಯಂತಿ ಕಾರ್ಯಕ್ರಮ ಉದ್ಘಾಟಿಸಿ ಮಾತನಾಡಿದರು. ಕೆಂಪೇಗೌಡರು ಕೃಷಿ, ವಾಣಿಜ್ಯ ಉದ್ದಿಮೆಗಳಿಗೆ ಒತ್ತು ನೀಡಿದರು. ಬೆಂಗಳೂರು ನಗರದಲ್ಲಿ ಅನೇಕ ಕೆರೆಗಳನ್ನು ನಿರ್ಮಿಸಿ ನೀರಾವರಿ ವ್ಯವಸ್ಥೆ ಕಲ್ಪಿಸಿದರು. ಪೇಟೆಗಳನ್ನು ನಿರ್ಮಿಸಿ ವ್ಯಾಪಾರಕ್ಕೆ ಅನುಕೂಲ ಮಾಡಿಕೊಟ್ಟರು. ಬಸವ ಪುರಸ್ಕಾರ ಪಡೆದ ಸಾಹಿತಿ ಮಾತನಾಡಿ, ಕೆಂಪೇಗೌಡರ ಆದರ್ಶ ಗುಣಗಳನ್ನು ನಾವೆಲ್ಲರೂ ಅಳವಡಿಸಿಕೊಳ್ಳಬೇಕು. ಇಂದಿನ ಪೀಳಿಗೆ ಕೆಂಪೇಗೌಡರ ಕೊಡುಗೆಗಳನ್ನು ತಿಳಿದುಕೊಳ್ಳಬೇಕು ಎಂದರು. ತಾಲೂಕು ಪಂಚಾಯತ್ ಕಾರ್ಯನಿರ್ವಾಹಕ ಅಧಿಕಾರಿ, ಪುರಸಭೆ ಮುಖ್ಯಾಧಿಕಾರಿ ಹಾಗೂ ವಿವಿಧ ಇಲಾಖೆಗಳ ಅಧಿಕಾರಿಗಳು ಉಪಸ್ಥಿತರಿದ್ದರು. ಕಾರ್ಯಕ್ರಮದಲ್ಲಿ ಕೆಂಪೇಗೌಡರ ಭಾವಚಿತ್ರಕ್ಕೆ ಪುಷ್ಪನಮನ
ಬೂದು ನೀರು ನಿರ್ವಹಣೆಯ ಪ್ರಾತ್ಯಕ್ಷಿಕ ತರಬೇತಿ | ರಾಜ್ಯ ತಂಡ ಭೇಟಿ
ಭಾರತ ವೈಭವ ಸುದ್ದಿ ಬೆಳಗಾವಿ ಜಿಲ್ಲೆಯ ಬೈಲಹೊಂಗಲ ತಾಲೂಕಿನ ಗ್ರಾಮ ಪಂಚಾಯತಿ ವ್ಯಾಪ್ತಿಯ ಯರಡಾಲ ಗ್ರಾಮಕ್ಕೆ ರಾಜ್ಯ ತಂಡದ ಅಧಿಕಾರಿಗಳು ಬೂದು ನೀರು ನಿರ್ವಹಣೆಯ ಕಾಮಗಾರಿಗಳ ಪ್ರಾತ್ಯಕ್ಷಿಕ ತರಬೇತಿ ಹಾಗೂ ವೀಕ್ಷಣೆಗಾಗಿ ಭೇಟಿ ನೀಡಿದ್ದರು. ರಾಜ್ಯ ತಂಡದ ಸಹಾಯಕ ನಿರ್ದೇಶಕರು ಸ್ವಚ್ಛ ಭಾರತ ಮಿಷನ್ ಗ್ರಾಮೀಣ ವಿಭಾಗದ ಅಧಿಕಾರಿಗಳು ಗ್ರಾಮ ಪಂಚಾಯತಿ ಮಟ್ಟದಲ್ಲಿ ನಿರ್ಮಿಸಲಾದ ಬೂದು ನೀರು ನಿರ್ವಹಣೆ ಕಾಮಗಾರಿಗಳನ್ನು ವೀಕ್ಷಿಸಿದರು.
ಕ್ರೆಡಿಟ್ ತಂಡದ ಸದಸ್ಯರು ಇದರಿಂದ ಗ್ರಾಮದಲ್ಲಿ ಆರೋಗ್ಯಯುತ ವಾತಾವರಣ ನಿರ್ಮಾಣವಾಗುತ್ತದೆ ಎಂದು ತಿಳಿಸಿದರು. ಇದೇ ಸಂದರ್ಭದಲ್ಲಿ ಕಾರ್ಯನಿರ್ವಾಹಕ ಅಧಿಕಾರಿಗಳು ಹಾಜರಿದ್ದರು.
ಅಧಿಕಾರಿಗಳು ಸಂಜೀವ ಪಾಟೀಲ್, ಕಾರ್ಯನಿರ್ವಾಹಕ ಅಧಿಕಾರಿಗಳು ಹಾಗೂ ಗ್ರಾಮ ಪಂಚಾಯತಿ ಅಭಿವೃದ್ಧಿ ಅಧಿಕಾರಿಗಳು, ಸಹಾಯಕ ನಿರ್ದೇಶಕರು ವಿಜಯ ಪಾಟೀಲ, ರಾಜ್ಯ ತಂಡದ ಸಮನ್ವಯಾಧಿಕಾರಿಗಳು, ಜಿಲ್ಲಾ ಸಂಯೋಜಕರು, ಸಹಾಯಕ ಇಂಜಿನಿಯರ್ ಹಾಗೂ ಗ್ರಾಮ ಪಂಚಾಯತಿ ಸಿಬ್ಬಂದಿ ಸೇರಿದಂತೆ ಅನೇಕರು ಹಾಜರಿದ್ದರು.
ಕಲ್ಪವೃಕ್ಷ ಮಾದರಿ ಶಾಲೆಯಲ್ಲಿ ಯೋಗ ದಿನಾಚರಣೆ
ಬೈಲಹೊಂಗಲ: ಪ್ರತಿಷ್ಠಿತ ಶ್ರೀ ಎಸ್.ವಿ.ಥಮ್ಮಣ್ಣಗಿ ಫೌಂಡೇಶನ್‌ನ ಕಲ್ಪವೃಕ್ಷ ಮಾದರಿ ಶಾಲೆಯಲ್ಲಿ ವಿಶ್ವ ಯೋಗ ದಿನ ಆಚರಿಸಲಾಯಿತು. ಯೋಗಗುರು ಮಹಾಂತಸ್ವಾಮಿ ಹಿರೇಮಠ ಅವರು ಯೋಗ ಪ್ರಾತ್ಯಕ್ಷಿಕೆ ನೀಡಿದರು. ವಿದ್ಯಾರ್ಥಿಗಳು ಯೋಗಾಭ್ಯಾಸ ಮಾಡಿದರು. ಪ್ರಾಚಾರ್ಯ ಹನುಮಂತ ದಮ್ಮಾ, ಸಂಯೋಜಕರು, ಶಿಕ್ಷಕರು, ಎಲ್ಲ ವಿಭಾಗಗಳ ಮುಖ್ಯಸ್ಥರು, ಶಿಕ್ಷಕ ವೃಂದ ಹಾಗೂ ಶಾಲಾ ವಿದ್ಯಾರ್ಥಿಗಳು ಉಪಸ್ಥಿತರಿದ್ದರು. ಸಾಂಸ್ಕೃತಿಕ ವಿಭಾಗದ ಮುಖ್ಯಸ್ಥರು ವಂದಿಸಿದರು.
Bharat Vaibhav Daily is Printers, Publishers and Owned by Chief Editor N. Prashant Rao, Editor Ravsab N. Aihole. Published and Printed at Elegant Prints, #CTS No. 4834/3, Shiv Plaza, 2nd Floor, APMC Road,
Sadashiv Nagar, Belagavi - 590019. Mob: 9019229369, 9353057369, 0831-4202818. Karnataka State (India). New Delhi RNI Reg. No: KARBILO/2013/51768, Postal Reg. No: PMG/KA/NK/BM/124/2023-25
